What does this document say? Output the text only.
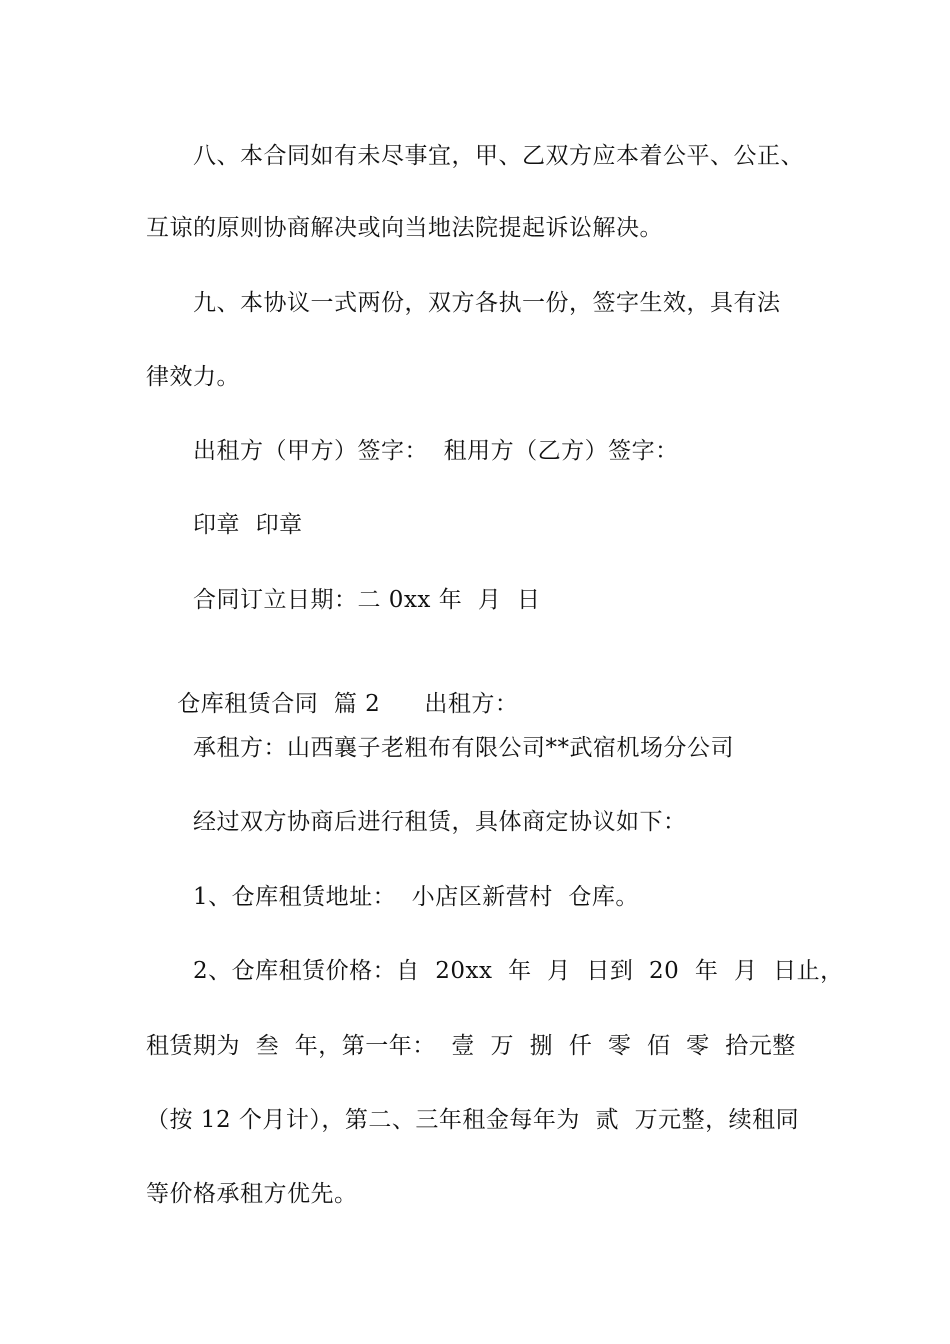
八、本合同如有未尽事宜，甲、乙双方应本着公平、公正、
互谅的原则协商解决或向当地法院提起诉讼解决。
九、本协议一式两份，双方各执一份，签字生效，具有法
律效力。
出租方（甲方）签字：  租用方（乙方）签字：
印章  印章
合同订立日期：二 0xx 年  月  日

仓库租赁合同  篇 2 出租方：

承租方：山西襄子老粗布有限公司**武宿机场分公司
经过双方协商后进行租赁，具体商定协议如下：
1、仓库租赁地址：  小店区新营村  仓库。
2、仓库租赁价格：自  20xx  年  月  日到  20  年  月  日止，
租赁期为  叁  年，第一年：  壹  万  捌  仟  零  佰  零  拾元整
（按 12 个月计），第二、三年租金每年为  贰  万元整，续租同
等价格承租方优先。
